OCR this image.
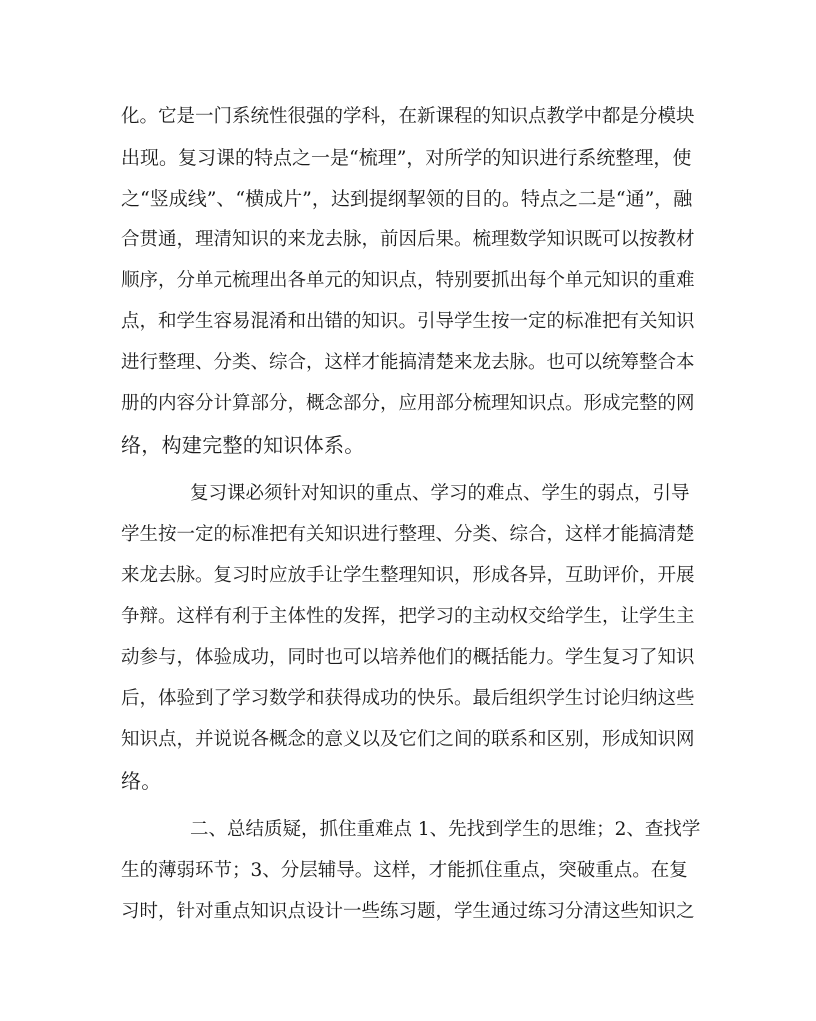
化。它是一门系统性很强的学科，在新课程的知识点教学中都是分模块
出现。复习课的特点之一是“梳理”，对所学的知识进行系统整理，使
之“竖成线”、“横成片”，达到提纲挈领的目的。特点之二是“通”，融
合贯通，理清知识的来龙去脉，前因后果。梳理数学知识既可以按教材
顺序，分单元梳理出各单元的知识点，特别要抓出每个单元知识的重难
点，和学生容易混淆和出错的知识。引导学生按一定的标准把有关知识
进行整理、分类、综合，这样才能搞清楚来龙去脉。也可以统筹整合本
册的内容分计算部分，概念部分，应用部分梳理知识点。形成完整的网
络，构建完整的知识体系。
复习课必须针对知识的重点、学习的难点、学生的弱点，引导
学生按一定的标准把有关知识进行整理、分类、综合，这样才能搞清楚
来龙去脉。复习时应放手让学生整理知识，形成各异，互助评价，开展
争辩。这样有利于主体性的发挥，把学习的主动权交给学生，让学生主
动参与，体验成功，同时也可以培养他们的概括能力。学生复习了知识
后，体验到了学习数学和获得成功的快乐。最后组织学生讨论归纳这些
知识点，并说说各概念的意义以及它们之间的联系和区别，形成知识网
络。
二、总结质疑，抓住重难点 1、先找到学生的思维；2、查找学
生的薄弱环节；3、分层辅导。这样，才能抓住重点，突破重点。在复
习时，针对重点知识点设计一些练习题，学生通过练习分清这些知识之
